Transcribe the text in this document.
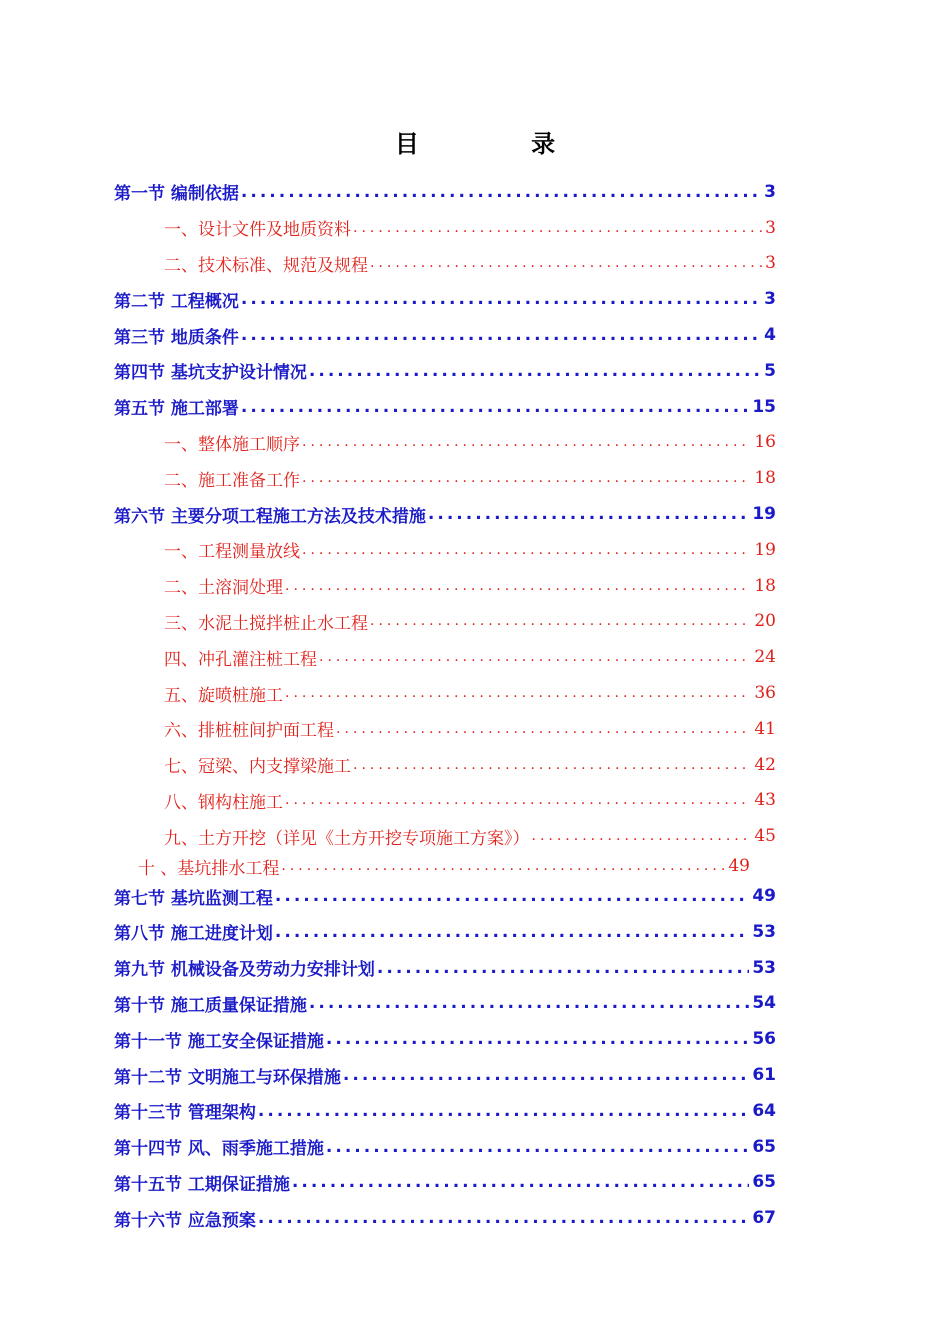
目 录
第一节 编制依据 .....	3
一、设计文件及地质资料 .....	3
二、技术标准、规范及规程 .....	3
第二节 工程概况 .....	3
第三节 地质条件 .....	4
第四节 基坑支护设计情况 .....	5
第五节 施工部署 .....	15
一、整体施工顺序 .....	16
二、施工准备工作 .....	18
第六节 主要分项工程施工方法及技术措施 .....	19
一、工程测量放线 .....	19
二、土溶洞处理 .....	18
三、水泥土搅拌桩止水工程 .....	20
四、冲孔灌注桩工程 .....	24
五、旋喷桩施工 .....	36
六、排桩桩间护面工程 .....	41
七、冠梁、内支撑梁施工 .....	42
八、钢构柱施工 .....	43
九、土方开挖（详见《土方开挖专项施工方案》） .....	45
十 、基坑排水工程 .....	49
第七节 基坑监测工程 .....	49
第八节 施工进度计划 .....	53
第九节 机械设备及劳动力安排计划 .....	53
第十节 施工质量保证措施 .....	54
第十一节 施工安全保证措施 .....	56
第十二节 文明施工与环保措施 .....	61
第十三节 管理架构 .....	64
第十四节 风、雨季施工措施 .....	65
第十五节 工期保证措施 .....	65
第十六节 应急预案 .....	67
